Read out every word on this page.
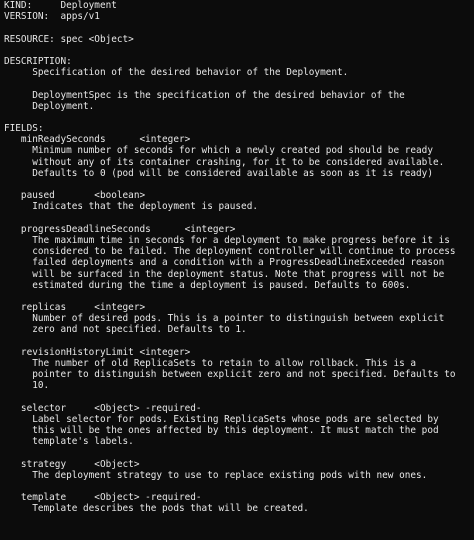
KIND:     Deployment
VERSION:  apps/v1
RESOURCE: spec <Object>
DESCRIPTION:
Specification of the desired behavior of the Deployment.
DeploymentSpec is the specification of the desired behavior of the
Deployment.
FIELDS:
minReadySeconds      <integer>
Minimum number of seconds for which a newly created pod should be ready
without any of its container crashing, for it to be considered available.
Defaults to 0 (pod will be considered available as soon as it is ready)
paused       <boolean>
Indicates that the deployment is paused.
progressDeadlineSeconds      <integer>
The maximum time in seconds for a deployment to make progress before it is
considered to be failed. The deployment controller will continue to process
failed deployments and a condition with a ProgressDeadlineExceeded reason
will be surfaced in the deployment status. Note that progress will not be
estimated during the time a deployment is paused. Defaults to 600s.
replicas     <integer>
Number of desired pods. This is a pointer to distinguish between explicit
zero and not specified. Defaults to 1.
revisionHistoryLimit <integer>
The number of old ReplicaSets to retain to allow rollback. This is a
pointer to distinguish between explicit zero and not specified. Defaults to
10.
selector     <Object> -required-
Label selector for pods. Existing ReplicaSets whose pods are selected by
this will be the ones affected by this deployment. It must match the pod
template's labels.
strategy     <Object>
The deployment strategy to use to replace existing pods with new ones.
template     <Object> -required-
Template describes the pods that will be created.
